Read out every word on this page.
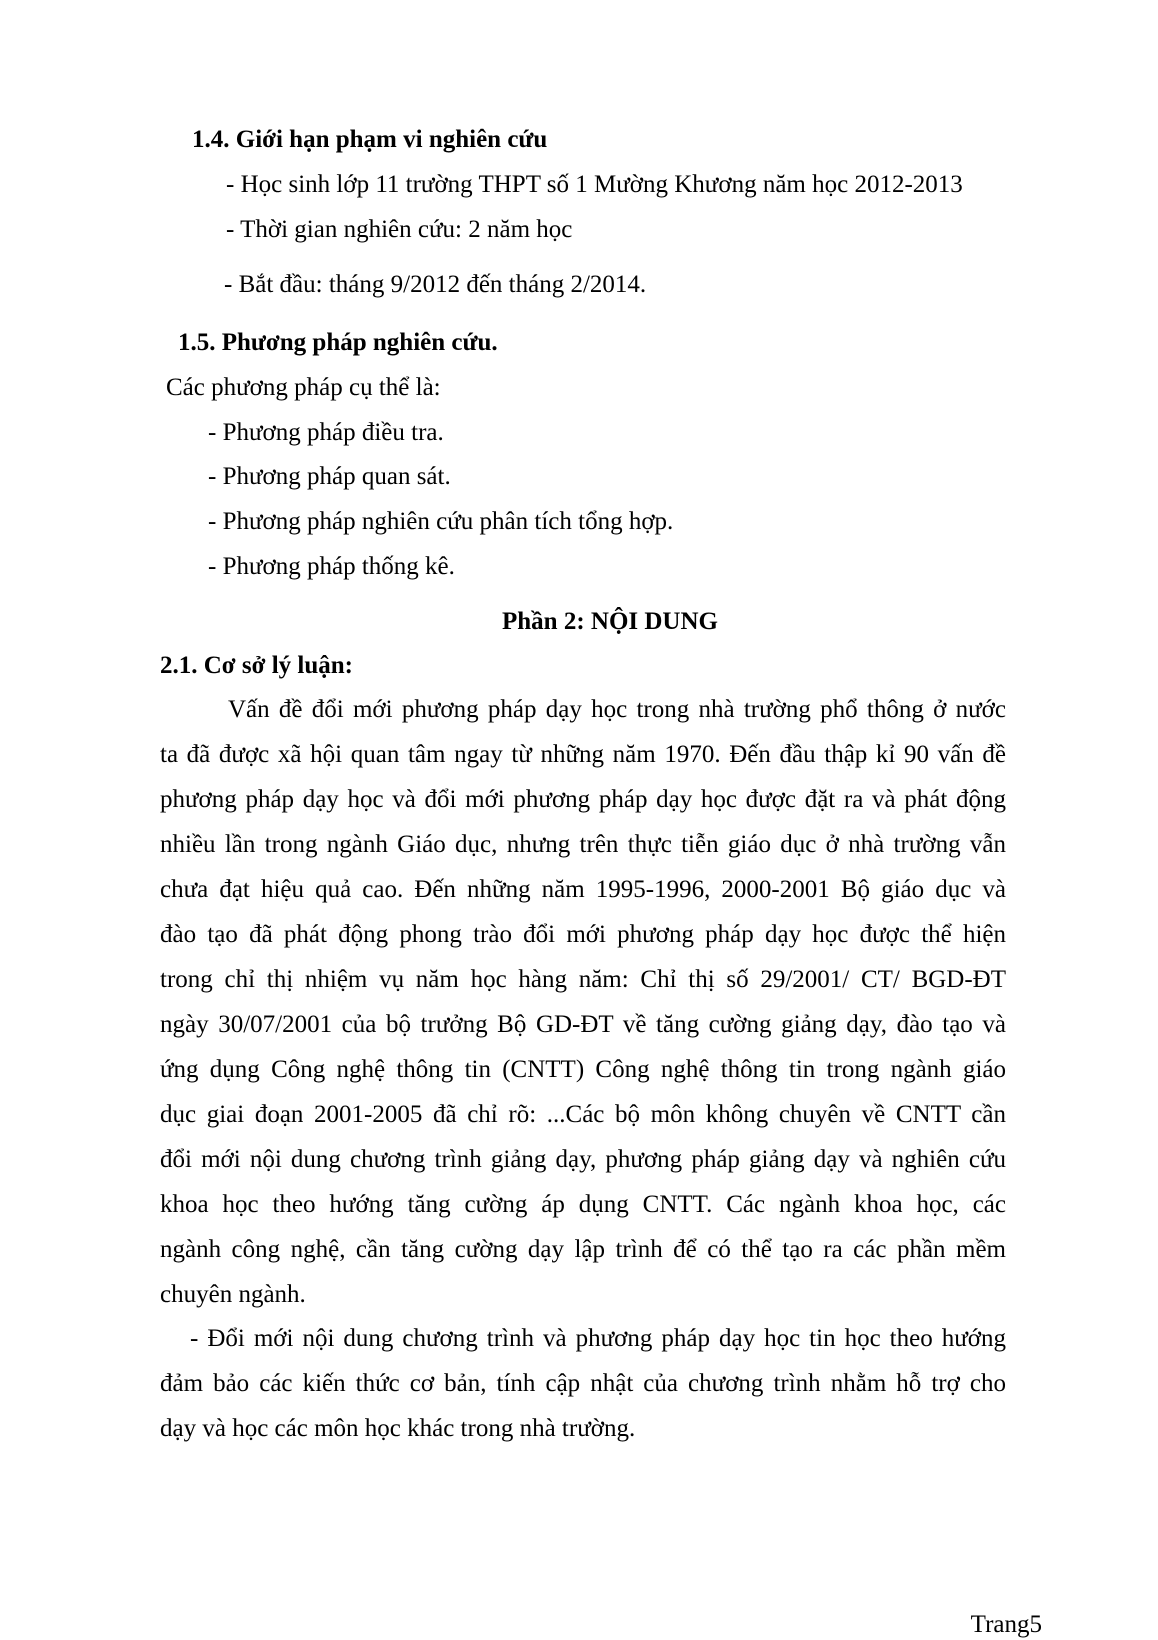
1.4. Giới hạn phạm vi nghiên cứu

- Học sinh lớp 11 trường THPT số 1 Mường Khương năm học 2012-2013

- Thời gian nghiên cứu: 2 năm học

- Bắt đầu: tháng 9/2012 đến tháng 2/2014.

1.5. Phương pháp nghiên cứu.

Các phương pháp cụ thể là:

- Phương pháp điều tra.

- Phương pháp quan sát.

- Phương pháp nghiên cứu phân tích tổng hợp.

- Phương pháp thống kê.

Phần 2: NỘI DUNG

2.1. Cơ sở lý luận:

Vấn đề đổi mới phương pháp dạy học trong nhà trường phổ thông ở nước

ta đã được xã hội quan tâm ngay từ những năm 1970. Đến đầu thập kỉ 90 vấn đề

phương pháp dạy học và đổi mới phương pháp dạy học được đặt ra và phát động

nhiều lần trong ngành Giáo dục, nhưng trên thực tiễn giáo dục ở nhà trường vẫn

chưa đạt hiệu quả cao. Đến những năm 1995-1996, 2000-2001 Bộ giáo dục và

đào tạo đã phát động phong trào đổi mới phương pháp dạy học được thể hiện

trong chỉ thị nhiệm vụ năm học hàng năm: Chỉ thị số 29/2001/ CT/ BGD-ĐT

ngày 30/07/2001 của bộ trưởng Bộ GD-ĐT về tăng cường giảng dạy, đào tạo và

ứng dụng Công nghệ thông tin (CNTT) Công nghệ thông tin trong ngành giáo

dục giai đoạn 2001-2005 đã chỉ rõ: ...Các bộ môn không chuyên về CNTT cần

đổi mới nội dung chương trình giảng dạy, phương pháp giảng dạy và nghiên cứu

khoa học theo hướng tăng cường áp dụng CNTT. Các ngành khoa học, các

ngành công nghệ, cần tăng cường dạy lập trình để có thể tạo ra các phần mềm

chuyên ngành.

- Đổi mới nội dung chương trình và phương pháp dạy học tin học theo hướng

đảm bảo các kiến thức cơ bản, tính cập nhật của chương trình nhằm hỗ trợ cho

dạy và học các môn học khác trong nhà trường.

Trang5
